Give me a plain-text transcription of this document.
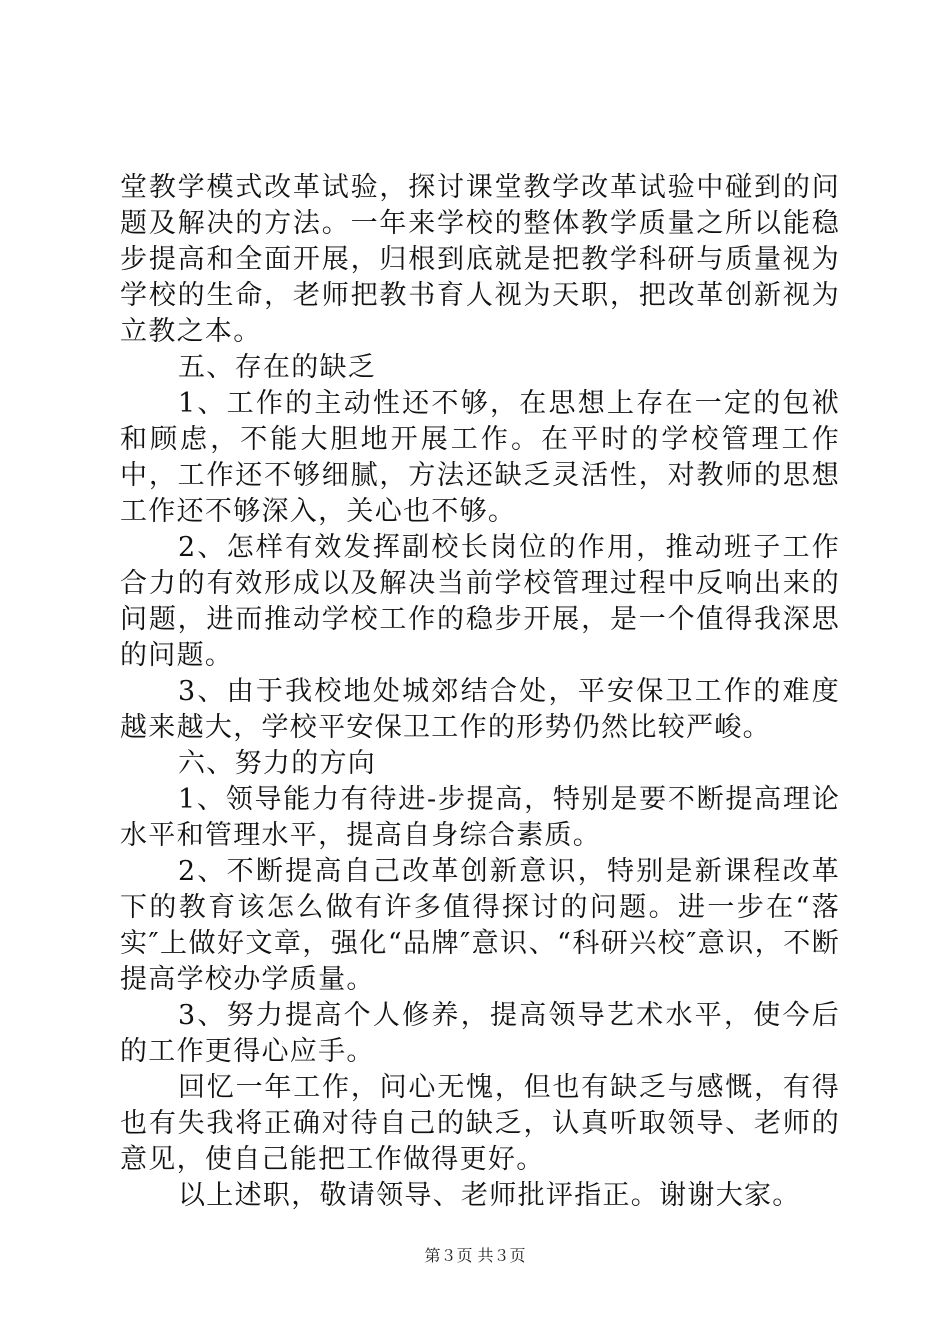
堂教学模式改革试验，探讨课堂教学改革试验中碰到的问题及解决的方法。一年来学校的整体教学质量之所以能稳步提高和全面开展，归根到底就是把教学科研与质量视为学校的生命，老师把教书育人视为天职，把改革创新视为立教之本。

五、存在的缺乏

1、工作的主动性还不够，在思想上存在一定的包袱和顾虑，不能大胆地开展工作。在平时的学校管理工作中，工作还不够细腻，方法还缺乏灵活性，对教师的思想工作还不够深入，关心也不够。

2、怎样有效发挥副校长岗位的作用，推动班子工作合力的有效形成以及解决当前学校管理过程中反响出来的问题，进而推动学校工作的稳步开展，是一个值得我深思的问题。

3、由于我校地处城郊结合处，平安保卫工作的难度越来越大，学校平安保卫工作的形势仍然比较严峻。

六、努力的方向

1、领导能力有待进-步提高，特别是要不断提高理论水平和管理水平，提高自身综合素质。

2、不断提高自己改革创新意识，特别是新课程改革下的教育该怎么做有许多值得探讨的问题。进一步在“落实″上做好文章，强化“品牌″意识、“科研兴校″意识，不断提高学校办学质量。

3、努力提高个人修养，提高领导艺术水平，使今后的工作更得心应手。

回忆一年工作，问心无愧，但也有缺乏与感慨，有得也有失我将正确对待自己的缺乏，认真听取领导、老师的意见，使自己能把工作做得更好。

以上述职，敬请领导、老师批评指正。谢谢大家。

第３页 共３页
